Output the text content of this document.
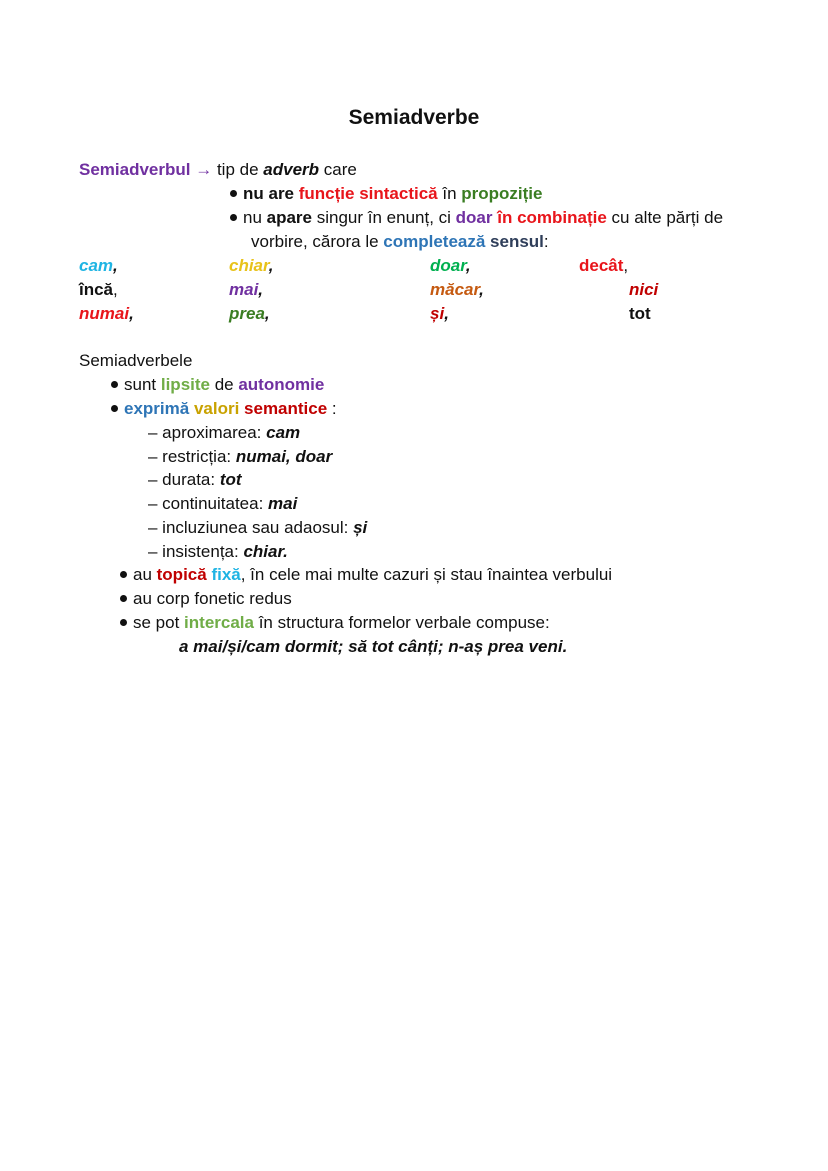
Semiadverbe
Semiadverbul → tip de adverb care
nu are funcție sintactică în propoziție
nu apare singur în enunț, ci doar în combinație cu alte părți de
vorbire, cărora le completează sensul:
cam,	chiar,	doar,	decât,
încă,	mai,	măcar,	nici
numai,	prea,	și,	tot
Semiadverbele
sunt lipsite de autonomie
exprimă valori semantice :
– aproximarea: cam
– restricția: numai, doar
– durata: tot
– continuitatea: mai
– incluziunea sau adaosul: și
– insistența: chiar.
au topică fixă, în cele mai multe cazuri și stau înaintea verbului
au corp fonetic redus
se pot intercala în structura formelor verbale compuse:
a mai/și/cam dormit; să tot cânți; n-aș prea veni.
